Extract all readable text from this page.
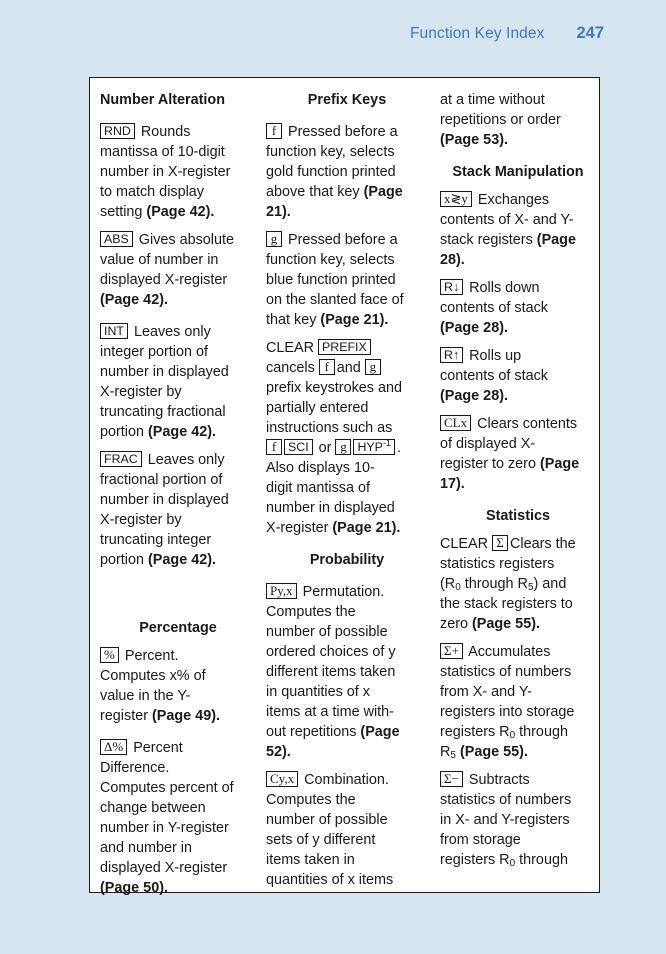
Function Key Index 247
Number Alteration
RND Rounds
mantissa of 10-digit
number in X-register
to match display
setting (Page 42).
ABS Gives absolute
value of number in
displayed X-register
(Page 42).
INT Leaves only
integer portion of
number in displayed
X-register by
truncating fractional
portion (Page 42).
FRAC Leaves only
fractional portion of
number in displayed
X-register by
truncating integer
portion (Page 42).
Percentage
% Percent.
Computes x% of
value in the Y-
register (Page 49).
Δ% Percent
Difference.
Computes percent of
change between
number in Y-register
and number in
displayed X-register
(Page 50).
Prefix Keys
f Pressed before a
function key, selects
gold function printed
above that key (Page
21).
g Pressed before a
function key, selects
blue function printed
on the slanted face of
that key (Page 21).
CLEAR PREFIX
cancels f and g
prefix keystrokes and
partially entered
instructions such as
f SCI or g $HYP^{-1}$ .
Also displays 10-
digit mantissa of
number in displayed
X-register (Page 21).
Probability
Py,x Permutation.
Computes the
number of possible
ordered choices of y
different items taken
in quantities of x
items at a time with-
out repetitions (Page
52).
Cy,x Combination.
Computes the
number of possible
sets of y different
items taken in
quantities of x items
at a time without
repetitions or order
(Page 53).
Stack Manipulation
x≷y Exchanges
contents of X- and Y-
stack registers (Page
28).
R↓ Rolls down
contents of stack
(Page 28).
R↑ Rolls up
contents of stack
(Page 28).
CLx Clears contents
of displayed X-
register to zero (Page
17).
Statistics
CLEAR Σ Clears the
statistics registers
($R_0$ through $R_5$) and
the stack registers to
zero (Page 55).
Σ+ Accumulates
statistics of numbers
from X- and Y-
registers into storage
registers $R_0$ through
$R_5$ (Page 55).
Σ− Subtracts
statistics of numbers
in X- and Y-registers
from storage
registers $R_0$ through
